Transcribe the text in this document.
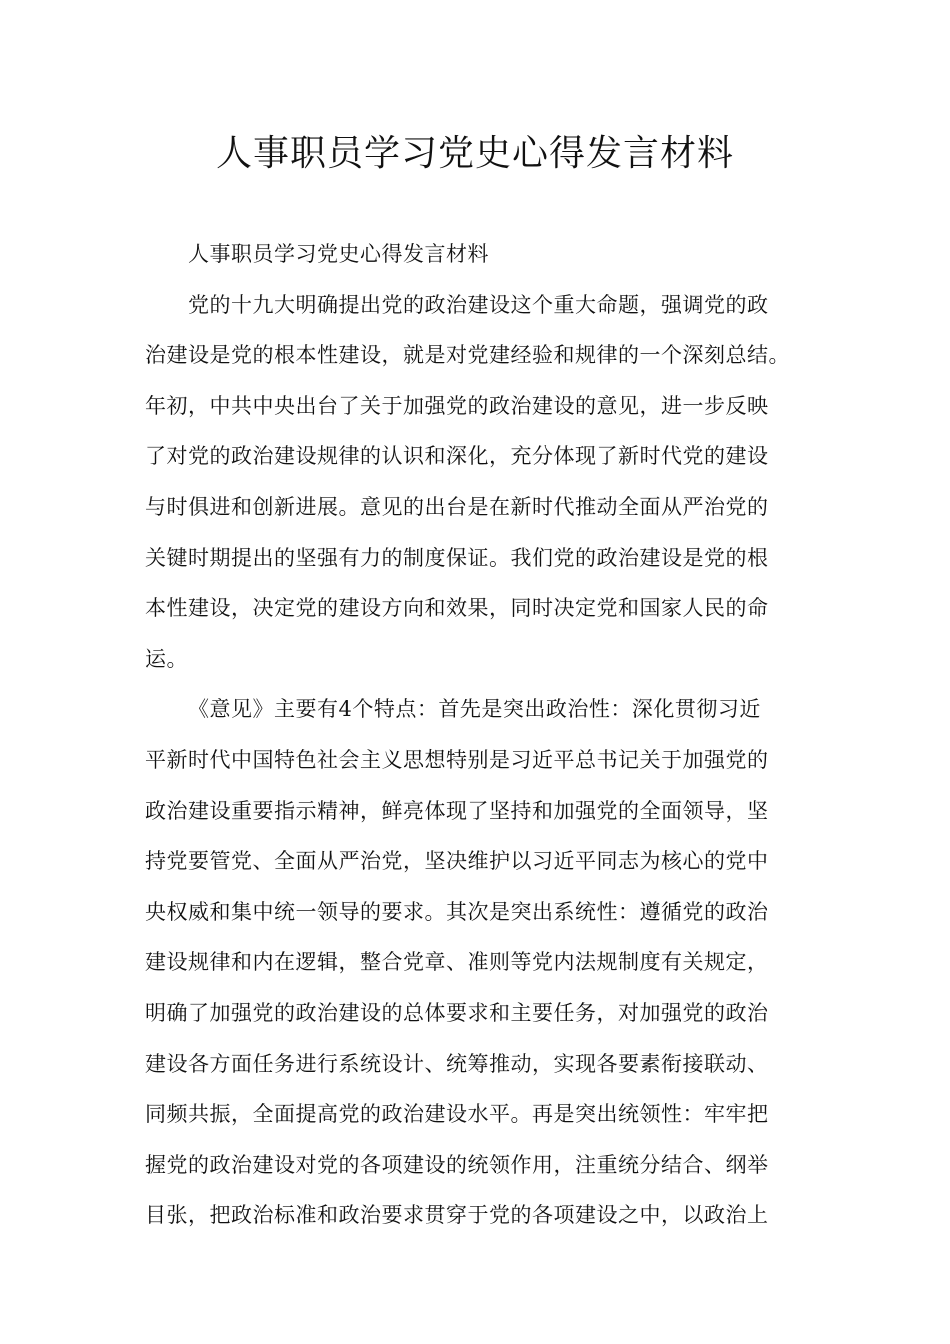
人事职员学习党史心得发言材料
人事职员学习党史心得发言材料
党的十九大明确提出党的政治建设这个重大命题，强调党的政
治建设是党的根本性建设，就是对党建经验和规律的一个深刻总结。
年初，中共中央出台了关于加强党的政治建设的意见，进一步反映
了对党的政治建设规律的认识和深化，充分体现了新时代党的建设
与时俱进和创新进展。意见的出台是在新时代推动全面从严治党的
关键时期提出的坚强有力的制度保证。我们党的政治建设是党的根
本性建设，决定党的建设方向和效果，同时决定党和国家人民的命
运。
《意见》主要有4个特点：首先是突出政治性：深化贯彻习近
平新时代中国特色社会主义思想特别是习近平总书记关于加强党的
政治建设重要指示精神，鲜亮体现了坚持和加强党的全面领导，坚
持党要管党、全面从严治党，坚决维护以习近平同志为核心的党中
央权威和集中统一领导的要求。其次是突出系统性：遵循党的政治
建设规律和内在逻辑，整合党章、准则等党内法规制度有关规定，
明确了加强党的政治建设的总体要求和主要任务，对加强党的政治
建设各方面任务进行系统设计、统筹推动，实现各要素衔接联动、
同频共振，全面提高党的政治建设水平。再是突出统领性：牢牢把
握党的政治建设对党的各项建设的统领作用，注重统分结合、纲举
目张，把政治标准和政治要求贯穿于党的各项建设之中，以政治上
